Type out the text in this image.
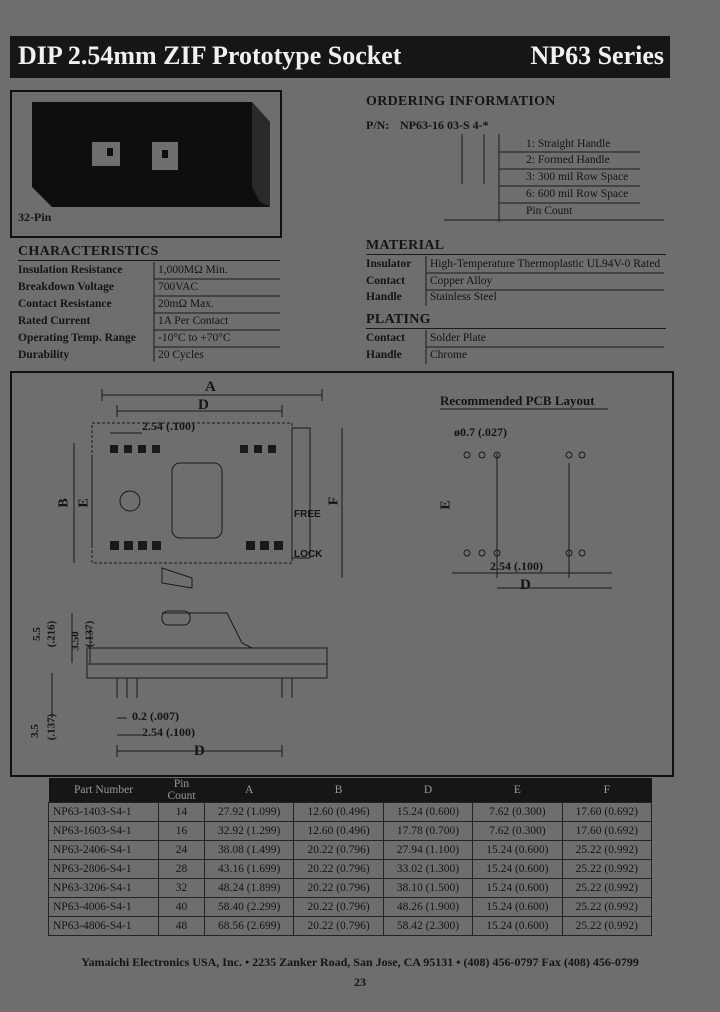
DIP 2.54mm ZIF Prototype Socket	NP63 Series
32-Pin
ORDERING INFORMATION
P/N: NP63-16 03-S 4-*
1: Straight Handle
2: Formed Handle
3: 300 mil Row Space
6: 600 mil Row Space
Pin Count
CHARACTERISTICS
Insulation Resistance	1,000MΩ Min.
Breakdown Voltage	700VAC
Contact Resistance	20mΩ Max.
Rated Current	1A Per Contact
Operating Temp. Range -10°C to +70°C
Durability	20 Cycles
MATERIAL
Insulator High-Temperature Thermoplastic UL94V-0 Rated
Contact Copper Alloy
Handle Stainless Steel
PLATING
Contact Solder Plate
Handle Chrome
A
D
2.54 (.100)
B E	F
FREE
LOCK
5.5 (.216) 3.50 (.137)
3.5 (.137)	0.2 (.007)
2.54 (.100)
D
Recommended PCB Layout
ø0.7 (.027)
E
2.54 (.100)
D
Part Number	Pin Count	A	B	D	E	F
NP63-1403-S4-1	14	27.92 (1.099)	12.60 (0.496)	15.24 (0.600)	7.62 (0.300)	17.60 (0.692)
NP63-1603-S4-1	16	32.92 (1.299)	12.60 (0.496)	17.78 (0.700)	7.62 (0.300)	17.60 (0.692)
NP63-2406-S4-1	24	38.08 (1.499)	20.22 (0.796)	27.94 (1.100)	15.24 (0.600)	25.22 (0.992)
NP63-2806-S4-1	28	43.16 (1.699)	20.22 (0.796)	33.02 (1.300)	15.24 (0.600)	25.22 (0.992)
NP63-3206-S4-1	32	48.24 (1.899)	20.22 (0.796)	38.10 (1.500)	15.24 (0.600)	25.22 (0.992)
NP63-4006-S4-1	40	58.40 (2.299)	20.22 (0.796)	48.26 (1.900)	15.24 (0.600)	25.22 (0.992)
NP63-4806-S4-1	48	68.56 (2.699)	20.22 (0.796)	58.42 (2.300)	15.24 (0.600)	25.22 (0.992)
Yamaichi Electronics USA, Inc. • 2235 Zanker Road, San Jose, CA 95131 • (408) 456-0797 Fax (408) 456-0799
23
